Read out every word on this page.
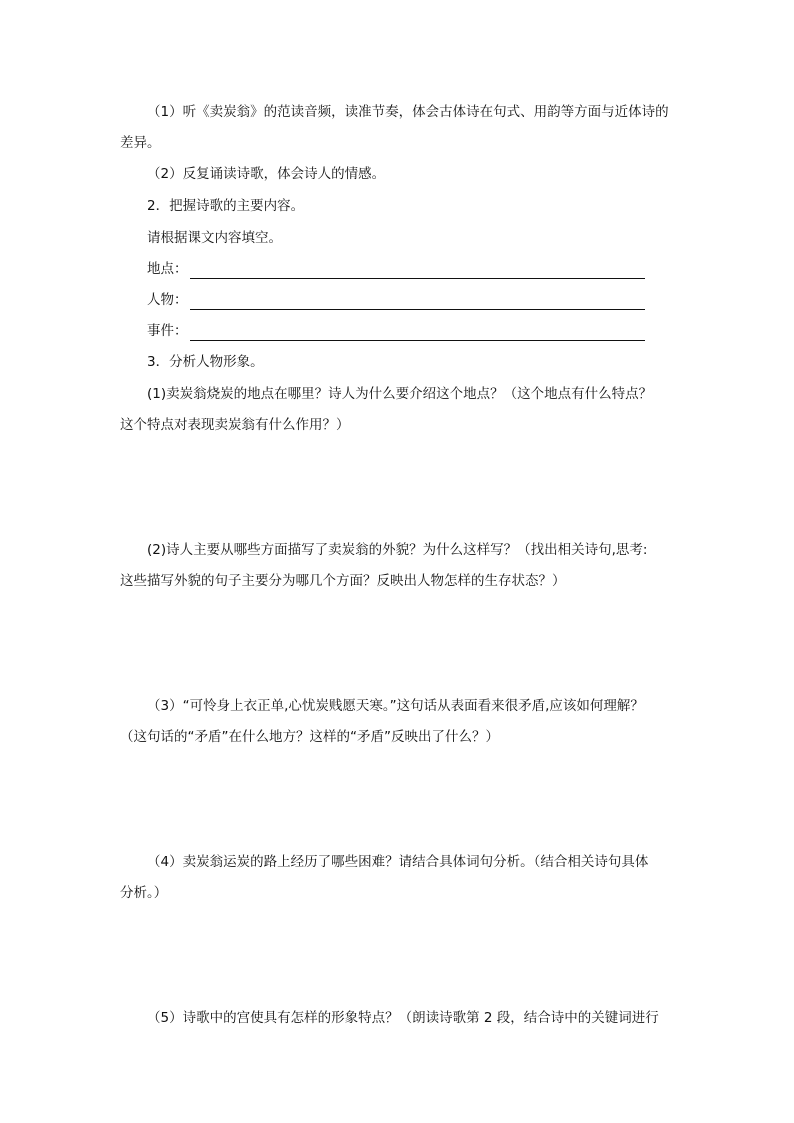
（1）听《卖炭翁》的范读音频，读准节奏，体会古体诗在句式、用韵等方面与近体诗的
差异。
（2）反复诵读诗歌，体会诗人的情感。
2．把握诗歌的主要内容。
请根据课文内容填空。
地点：
人物：
事件：
3．分析人物形象。
(1)卖炭翁烧炭的地点在哪里？诗人为什么要介绍这个地点？（这个地点有什么特点？
这个特点对表现卖炭翁有什么作用？）
(2)诗人主要从哪些方面描写了卖炭翁的外貌？为什么这样写？（找出相关诗句,思考:
这些描写外貌的句子主要分为哪几个方面？反映出人物怎样的生存状态？）
（3）“可怜身上衣正单,心忧炭贱愿天寒。”这句话从表面看来很矛盾,应该如何理解？
（这句话的“矛盾”在什么地方？这样的“矛盾”反映出了什么？）
（4）卖炭翁运炭的路上经历了哪些困难？请结合具体词句分析。（结合相关诗句具体
分析。）
（5）诗歌中的宫使具有怎样的形象特点？（朗读诗歌第 2 段，结合诗中的关键词进行
